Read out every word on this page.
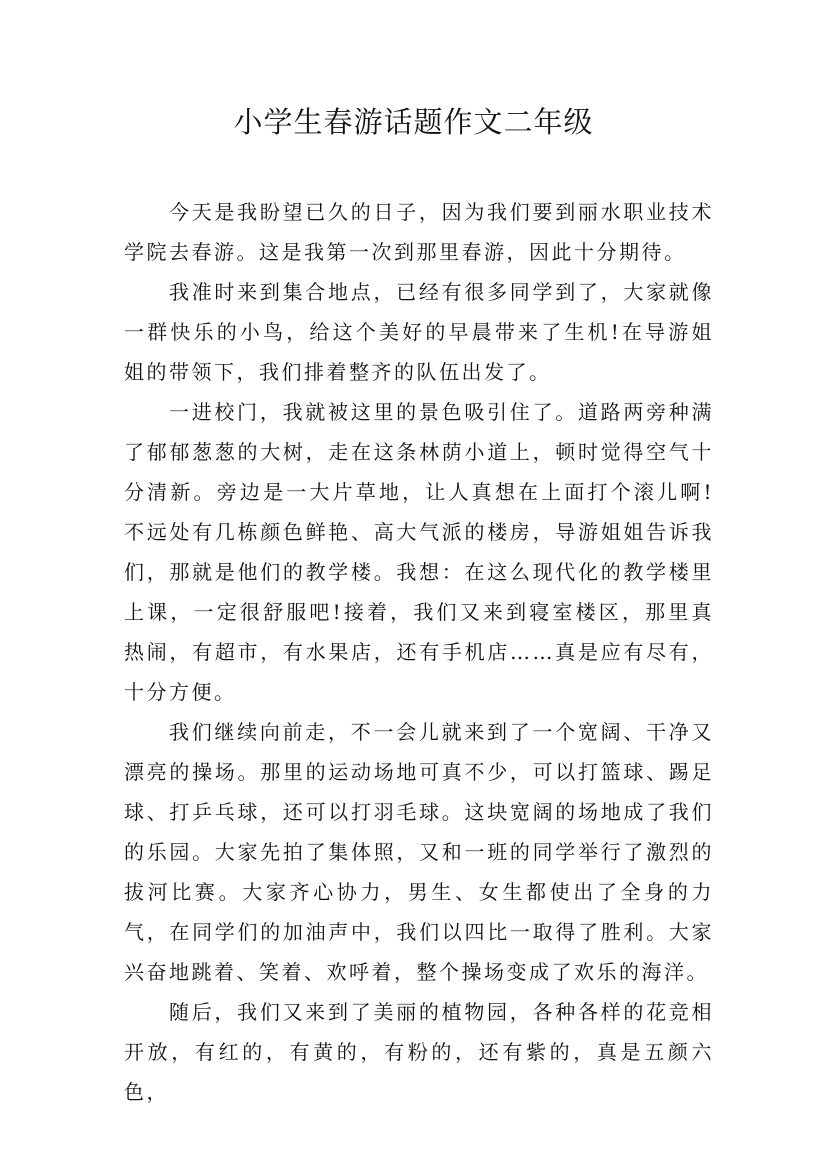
小学生春游话题作文二年级

今天是我盼望已久的日子，因为我们要到丽水职业技术学院去春游。这是我第一次到那里春游，因此十分期待。

我准时来到集合地点，已经有很多同学到了，大家就像一群快乐的小鸟，给这个美好的早晨带来了生机!在导游姐姐的带领下，我们排着整齐的队伍出发了。

一进校门，我就被这里的景色吸引住了。道路两旁种满了郁郁葱葱的大树，走在这条林荫小道上，顿时觉得空气十分清新。旁边是一大片草地，让人真想在上面打个滚儿啊!不远处有几栋颜色鲜艳、高大气派的楼房，导游姐姐告诉我们，那就是他们的教学楼。我想：在这么现代化的教学楼里上课，一定很舒服吧!接着，我们又来到寝室楼区，那里真热闹，有超市，有水果店，还有手机店……真是应有尽有，十分方便。

我们继续向前走，不一会儿就来到了一个宽阔、干净又漂亮的操场。那里的运动场地可真不少，可以打篮球、踢足球、打乒乓球，还可以打羽毛球。这块宽阔的场地成了我们的乐园。大家先拍了集体照，又和一班的同学举行了激烈的拔河比赛。大家齐心协力，男生、女生都使出了全身的力气，在同学们的加油声中，我们以四比一取得了胜利。大家兴奋地跳着、笑着、欢呼着，整个操场变成了欢乐的海洋。

随后，我们又来到了美丽的植物园，各种各样的花竞相开放，有红的，有黄的，有粉的，还有紫的，真是五颜六色，
